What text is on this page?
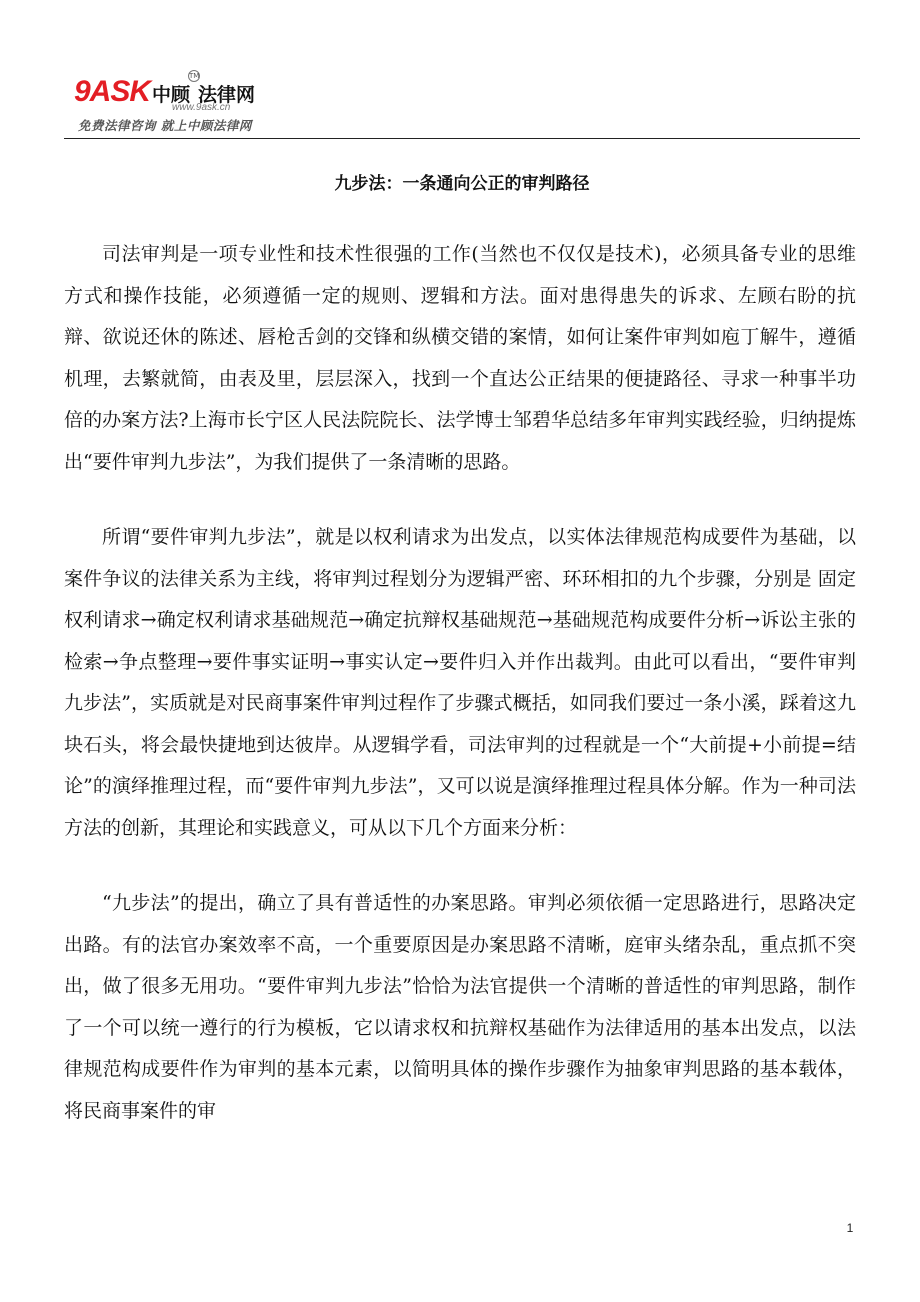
9ASK 中顾 法律网
TM
www.9ask.cn
免费法律咨询 就上中顾法律网
九步法：一条通向公正的审判路径

司法审判是一项专业性和技术性很强的工作(当然也不仅仅是技术)，必须具备专业的思维方式和操作技能，必须遵循一定的规则、逻辑和方法。面对患得患失的诉求、左顾右盼的抗辩、欲说还休的陈述、唇枪舌剑的交锋和纵横交错的案情，如何让案件审判如庖丁解牛，遵循机理，去繁就简，由表及里，层层深入，找到一个直达公正结果的便捷路径、寻求一种事半功倍的办案方法?上海市长宁区人民法院院长、法学博士邹碧华总结多年审判实践经验，归纳提炼出“要件审判九步法”，为我们提供了一条清晰的思路。

所谓“要件审判九步法”，就是以权利请求为出发点，以实体法律规范构成要件为基础，以案件争议的法律关系为主线，将审判过程划分为逻辑严密、环环相扣的九个步骤，分别是 固定权利请求→确定权利请求基础规范→确定抗辩权基础规范→基础规范构成要件分析→诉讼主张的检索→争点整理→要件事实证明→事实认定→要件归入并作出裁判。由此可以看出，“要件审判九步法”，实质就是对民商事案件审判过程作了步骤式概括，如同我们要过一条小溪，踩着这九块石头，将会最快捷地到达彼岸。从逻辑学看，司法审判的过程就是一个“大前提+小前提=结论”的演绎推理过程，而“要件审判九步法”，又可以说是演绎推理过程具体分解。作为一种司法方法的创新，其理论和实践意义，可从以下几个方面来分析：

“九步法”的提出，确立了具有普适性的办案思路。审判必须依循一定思路进行，思路决定出路。有的法官办案效率不高，一个重要原因是办案思路不清晰，庭审头绪杂乱，重点抓不突出，做了很多无用功。“要件审判九步法”恰恰为法官提供一个清晰的普适性的审判思路，制作了一个可以统一遵行的行为模板，它以请求权和抗辩权基础作为法律适用的基本出发点，以法律规范构成要件作为审判的基本元素，以简明具体的操作步骤作为抽象审判思路的基本载体，将民商事案件的审

1
